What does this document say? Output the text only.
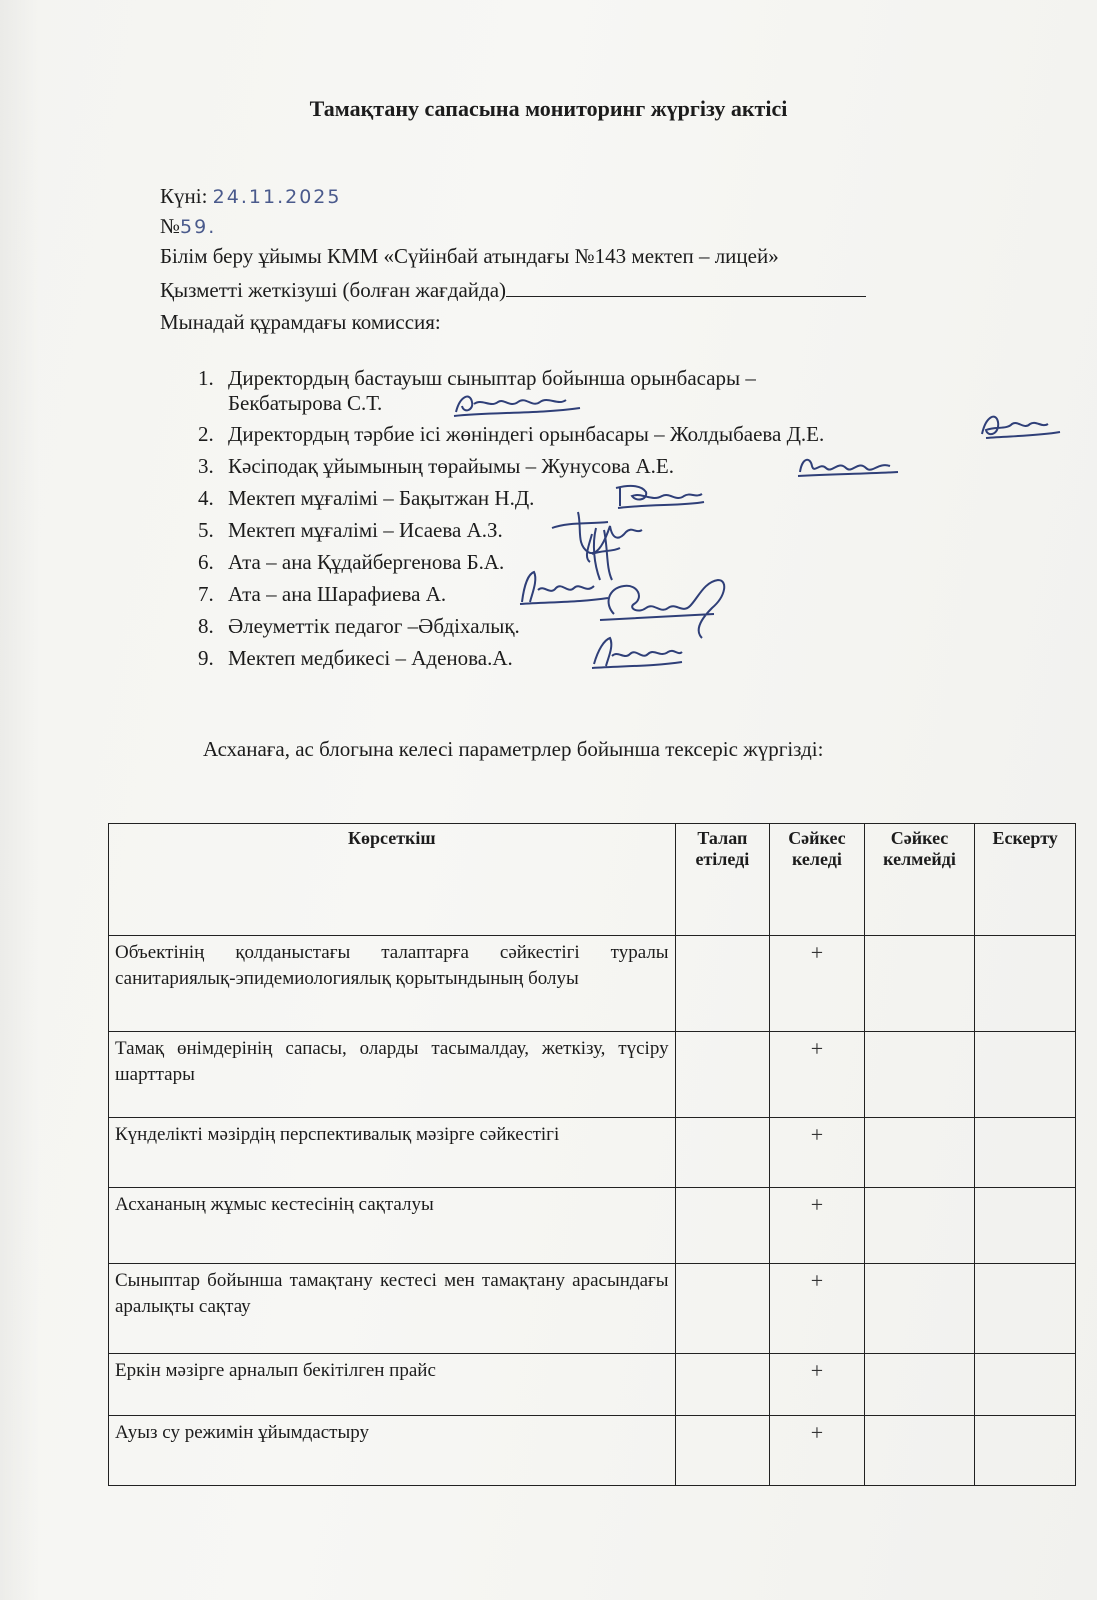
Тамақтану сапасына мониторинг жүргізу актісі
Күні: 24.11.2025
№59.
Білім беру ұйымы КММ «Сүйінбай атындағы №143 мектеп – лицей»
Қызметті жеткізуші (болған жағдайда)
Мынадай құрамдағы комиссия:
1. Директордың бастауыш сыныптар бойынша орынбасары –
Бекбатырова С.Т.
2. Директордың тәрбие ісі жөніндегі орынбасары – Жолдыбаева Д.Е.
3. Кәсіподақ ұйымының төрайымы – Жунусова А.Е.
4. Мектеп мұғалімі – Бақытжан Н.Д.
5. Мектеп мұғалімі – Исаева А.З.
6. Ата – ана Құдайбергенова Б.А.
7. Ата – ана Шарафиева А.
8. Әлеуметтік педагог –Әбдіхалық.
9. Мектеп медбикесі – Аденова.А.
Асханаға, ас блогына келесі параметрлер бойынша тексеріс жүргізді:
Көрсеткіш	Талап етіледі	Сәйкес келеді	Сәйкес келмейді	Ескерту
Объектінің қолданыстағы талаптарға сәйкестігі туралы санитариялық-эпидемиологиялық қорытындының болуы		+		
Тамақ өнімдерінің сапасы, оларды тасымалдау, жеткізу, түсіру шарттары		+		
Күнделікті мәзірдің перспективалық мәзірге сәйкестігі		+		
Асхананың жұмыс кестесінің сақталуы		+		
Сыныптар бойынша тамақтану кестесі мен тамақтану арасындағы аралықты сақтау		+		
Еркін мәзірге арналып бекітілген прайс		+		
Ауыз су режимін ұйымдастыру		+		
